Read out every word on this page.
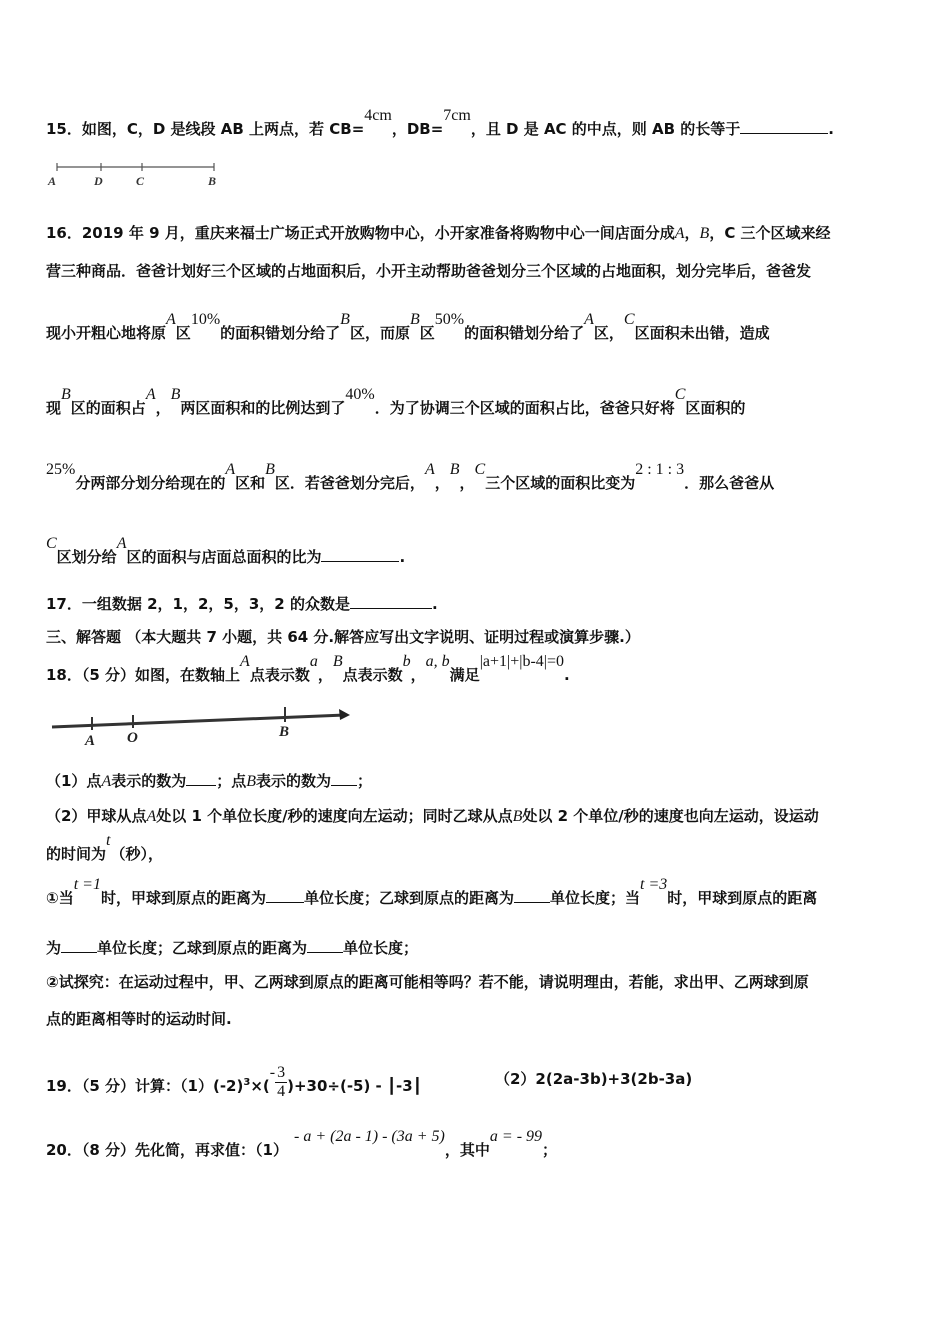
15．如图，C，D 是线段 AB 上两点，若 CB=4cm，DB=7cm，且 D 是 AC 的中点，则 AB 的长等于	.
A	D	C	B
16．2019 年 9 月，重庆来福士广场正式开放购物中心，小开家准备将购物中心一间店面分成A，B，C 三个区域来经
营三种商品．爸爸计划好三个区域的占地面积后，小开主动帮助爸爸划分三个区域的占地面积，划分完毕后，爸爸发
现小开粗心地将原A区10%的面积错划分给了B区，而原B区50%的面积错划分给了A区，C区面积未出错，造成
现B区的面积占A，B两区面积和的比例达到了40%．为了协调三个区域的面积占比，爸爸只好将C区面积的
25%分两部分划分给现在的A区和B区．若爸爸划分完后，A，B，C三个区域的面积比变为2 : 1 : 3．那么爸爸从
C区划分给A区的面积与店面总面积的比为	.
17．一组数据 2，1，2，5，3，2 的众数是	.
三、解答题 （本大题共 7 小题，共 64 分.解答应写出文字说明、证明过程或演算步骤.）
18．（5 分）如图，在数轴上A点表示数a，B点表示数b，a, b满足|a+1|+|b-4|=0.
A O	B
（1）点A表示的数为 ；点B表示的数为 ；
（2）甲球从点A处以 1 个单位长度/秒的速度向左运动；同时乙球从点B处以 2 个单位/秒的速度也向左运动，设运动
的时间为t（秒），
①当t =1时，甲球到原点的距离为	单位长度；乙球到原点的距离为 单位长度；当t =3时，甲球到原点的距离
为 单位长度；乙球到原点的距离为 单位长度；
②试探究：在运动过程中，甲、乙两球到原点的距离可能相等吗？若不能，请说明理由，若能，求出甲、乙两球到原
点的距离相等时的运动时间.
19．（5 分）计算：$(1)(-2)^3\times(- \frac{3}{4} )+30\div(-5)$ - ┃-3┃	（2）2(2a-3b)+3(2b-3a)
20．（8 分）先化简，再求值：（1）- a + (2a - 1) - (3a + 5)，其中a = - 99；
